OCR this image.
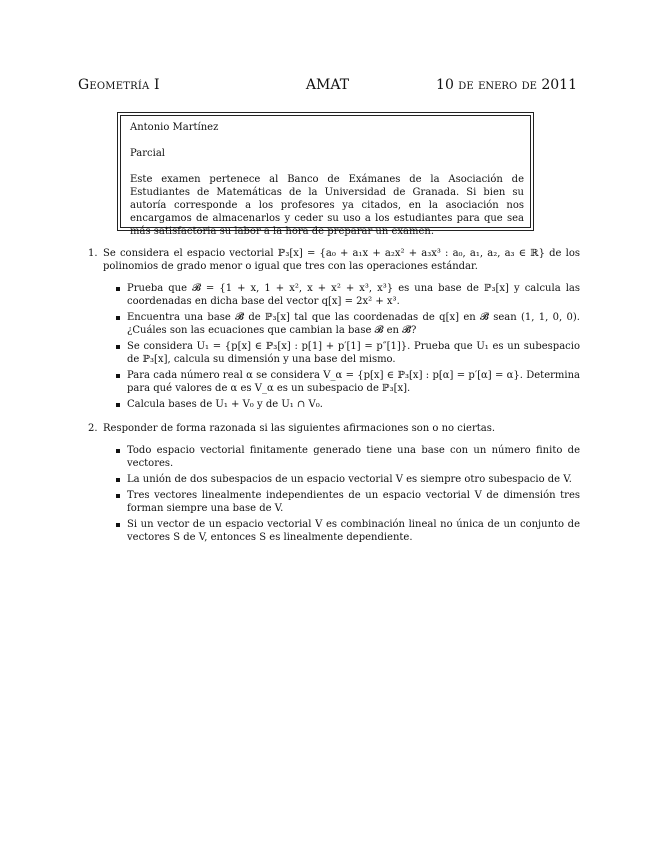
Geometría I	AMAT	10 de enero de 2011

Antonio Martínez

Parcial

Este examen pertenece al Banco de Exámanes de la Asociación de Estudiantes de Matemáticas de la Universidad de Granada. Si bien su autoría corresponde a los profesores ya citados, en la asociación nos encargamos de almacenarlos y ceder su uso a los estudiantes para que sea más satisfactoria su labor a la hora de preparar un examen.

1. Se considera el espacio vectorial ℙ₃[x] = {a₀ + a₁x + a₂x² + a₃x³ : a₀, a₁, a₂, a₃ ∈ ℝ} de los polinomios de grado menor o igual que tres con las operaciones estándar.
Prueba que 𝓑 = {1 + x, 1 + x², x + x² + x³, x³} es una base de ℙ₃[x] y calcula las coordenadas en dicha base del vector q[x] = 2x² + x³.
Encuentra una base 𝓑̃ de ℙ₃[x] tal que las coordenadas de q[x] en 𝓑̃ sean (1, 1, 0, 0). ¿Cuáles son las ecuaciones que cambian la base 𝓑 en 𝓑̃?
Se considera U₁ = {p[x] ∈ ℙ₃[x] : p[1] + p′[1] = p″[1]}. Prueba que U₁ es un subespacio de ℙ₃[x], calcula su dimensión y una base del mismo.
Para cada número real α se considera V_α = {p[x] ∈ ℙ₃[x] : p[α] = p′[α] = α}. Determina para qué valores de α es V_α es un subespacio de ℙ₃[x].
Calcula bases de U₁ + V₀ y de U₁ ∩ V₀.
2. Responder de forma razonada si las siguientes afirmaciones son o no ciertas.
Todo espacio vectorial finitamente generado tiene una base con un número finito de vectores.
La unión de dos subespacios de un espacio vectorial V es siempre otro subespacio de V.
Tres vectores linealmente independientes de un espacio vectorial V de dimensión tres forman siempre una base de V.
Si un vector de un espacio vectorial V es combinación lineal no única de un conjunto de vectores S de V, entonces S es linealmente dependiente.
